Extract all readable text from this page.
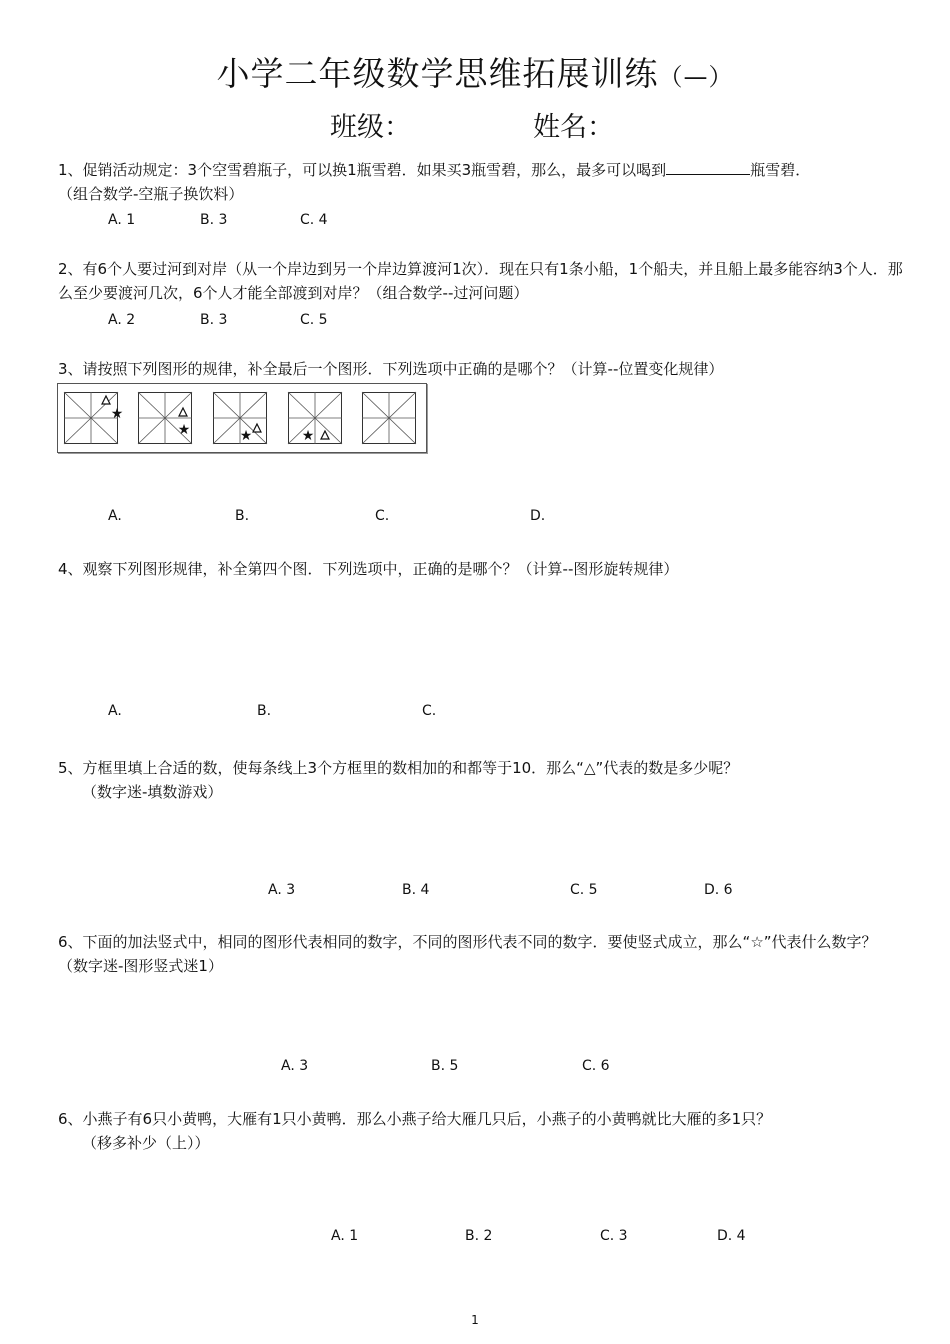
小学二年级数学思维拓展训练（—）
班级：	姓名：
1、促销活动规定：3个空雪碧瓶子，可以换1瓶雪碧．如果买3瓶雪碧，那么，最多可以喝到	瓶雪碧．
（组合数学-空瓶子换饮料）
A. 1	B. 3	C. 4
2、有6个人要过河到对岸（从一个岸边到另一个岸边算渡河1次）．现在只有1条小船，1个船夫，并且船上最多能容纳3个人．那么至少要渡河几次，6个人才能全部渡到对岸？（组合数学--过河问题）
A. 2	B. 3	C. 5
3、请按照下列图形的规律，补全最后一个图形．下列选项中正确的是哪个？（计算--位置变化规律）
★
★	★	★
A.	B.	C.	D.
4、观察下列图形规律，补全第四个图．下列选项中，正确的是哪个？（计算--图形旋转规律）
A.	B.	C.
5、方框里填上合适的数，使每条线上3个方框里的数相加的和都等于10．那么“△”代表的数是多少呢？
（数字迷-填数游戏）
A. 3	B. 4	C. 5	D. 6
6、下面的加法竖式中，相同的图形代表相同的数字，不同的图形代表不同的数字．要使竖式成立，那么“☆”代表什么数字？ （数字迷-图形竖式迷1）
A. 3	B. 5	C. 6
6、小燕子有6只小黄鸭，大雁有1只小黄鸭．那么小燕子给大雁几只后，小燕子的小黄鸭就比大雁的多1只？
（移多补少（上））
A. 1	B. 2	C. 3	D. 4
1
